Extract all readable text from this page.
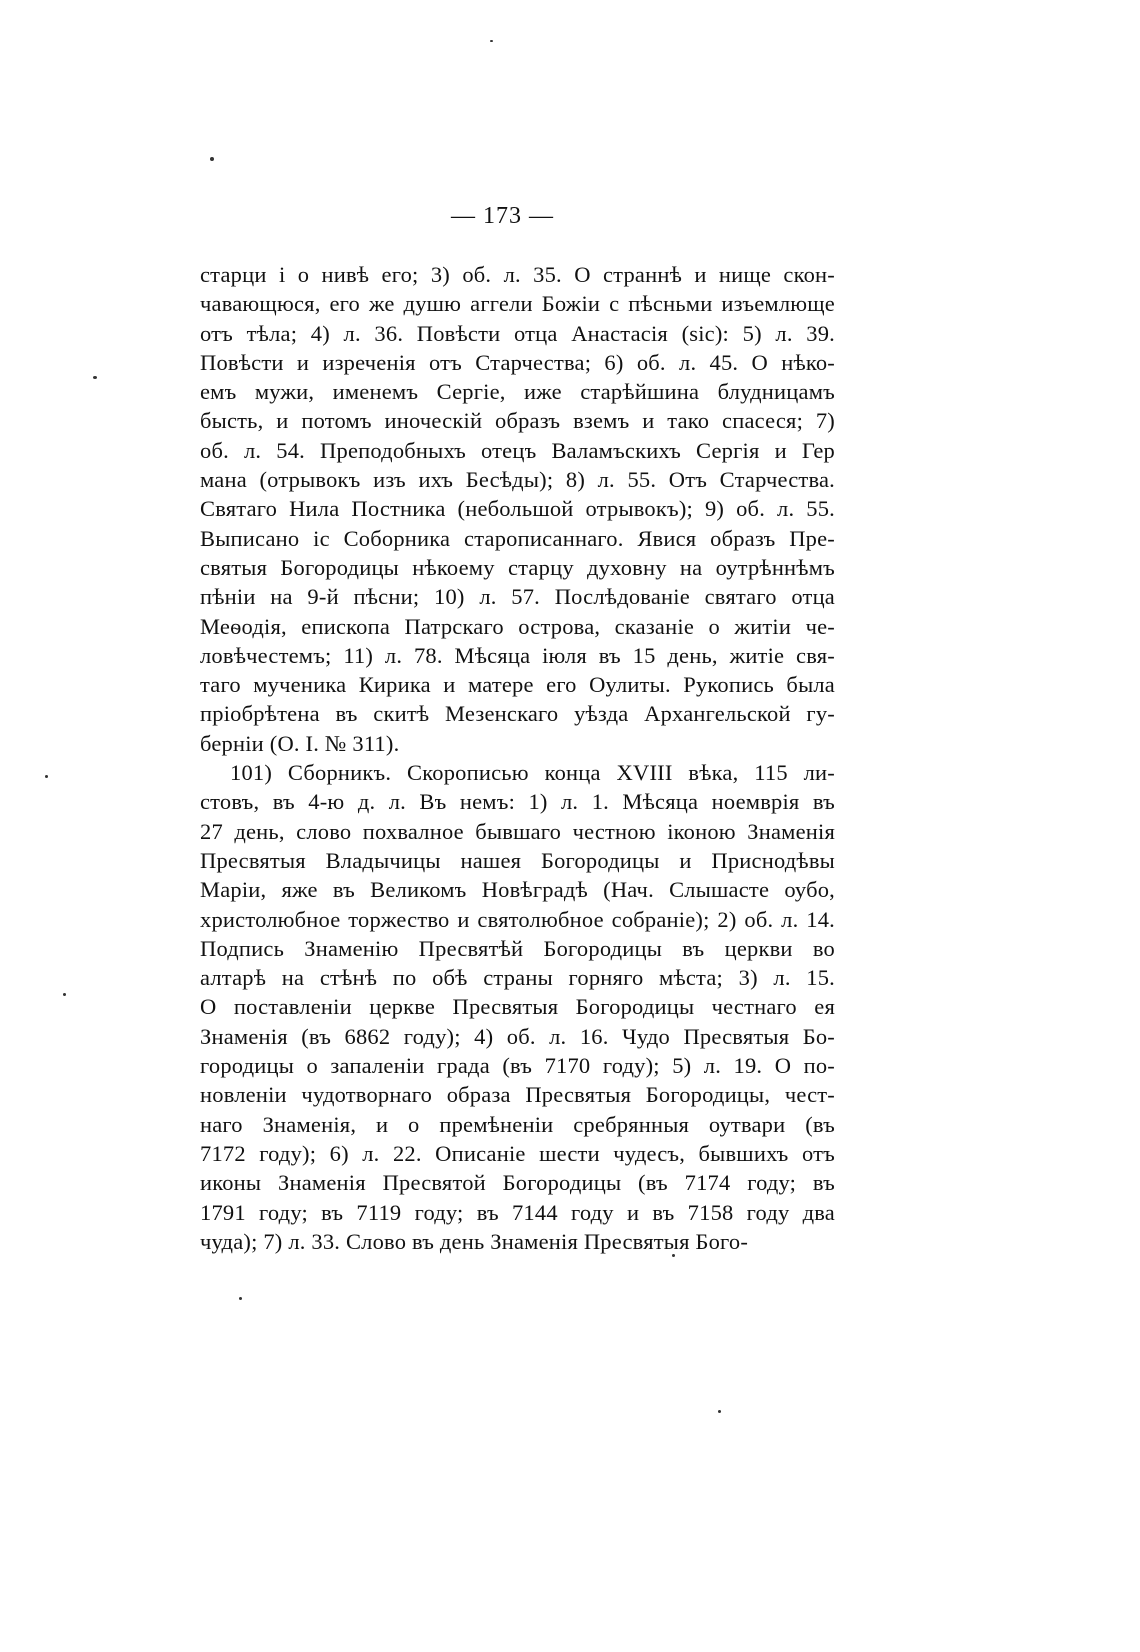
— 173 —
старци і о нивѣ его; 3) об. л. 35. О страннѣ и нище скон-
чавающюся, его же душю аггели Божіи с пѣсньми изъемлюще
отъ тѣла; 4) л. 36. Повѣсти отца Анастасія (sic): 5) л. 39.
Повѣсти и изреченія отъ Старчества; 6) об. л. 45. О нѣко-
емъ мужи, именемъ Сергіе, иже старѣйшина блудницамъ
бысть, и потомъ иноческій образъ вземъ и тако спасеся; 7)
об. л. 54. Преподобныхъ отецъ Валамъскихъ Сергія и Гер
мана (отрывокъ изъ ихъ Бесѣды); 8) л. 55. Отъ Старчества.
Святаго Нила Постника (небольшой отрывокъ); 9) об. л. 55.
Выписано іс Соборника старописаннаго. Явися образъ Пре-
святыя Богородицы нѣкоему старцу духовну на оутрѣннѣмъ
пѣніи на 9-й пѣсни; 10) л. 57. Послѣдованіе святаго отца
Меѳодія, епископа Патрскаго острова, сказаніе о житіи че-
ловѣчестемъ; 11) л. 78. Мѣсяца іюля въ 15 день, житіе свя-
таго мученика Кирика и матере его Оулиты. Рукопись была
пріобрѣтена въ скитѣ Мезенскаго уѣзда Архангельской гу-
берніи (О. I. № 311).
101) Сборникъ. Скорописью конца XVIII вѣка, 115 ли-
стовъ, въ 4-ю д. л. Въ немъ: 1) л. 1. Мѣсяца ноемврія въ
27 день, слово похвалное бывшаго честною іконою Знаменія
Пресвятыя Владычицы нашея Богородицы и Приснодѣвы
Маріи, яже въ Великомъ Новѣградѣ (Нач. Слышасте оубо,
христолюбное торжество и святолюбное собраніе); 2) об. л. 14.
Подпись Знаменію Пресвятѣй Богородицы въ церкви во
алтарѣ на стѣнѣ по обѣ страны горняго мѣста; 3) л. 15.
О поставленіи церкве Пресвятыя Богородицы честнаго ея
Знаменія (въ 6862 году); 4) об. л. 16. Чудо Пресвятыя Бо-
городицы о запаленіи града (въ 7170 году); 5) л. 19. О по-
новленіи чудотворнаго образа Пресвятыя Богородицы, чест-
наго Знаменія, и о премѣненіи сребрянныя оутвари (въ
7172 году); 6) л. 22. Описаніе шести чудесъ, бывшихъ отъ
иконы Знаменія Пресвятой Богородицы (въ 7174 году; въ
1791 году; въ 7119 году; въ 7144 году и въ 7158 году два
чуда); 7) л. 33. Слово въ день Знаменія Пресвятыя Бого-
